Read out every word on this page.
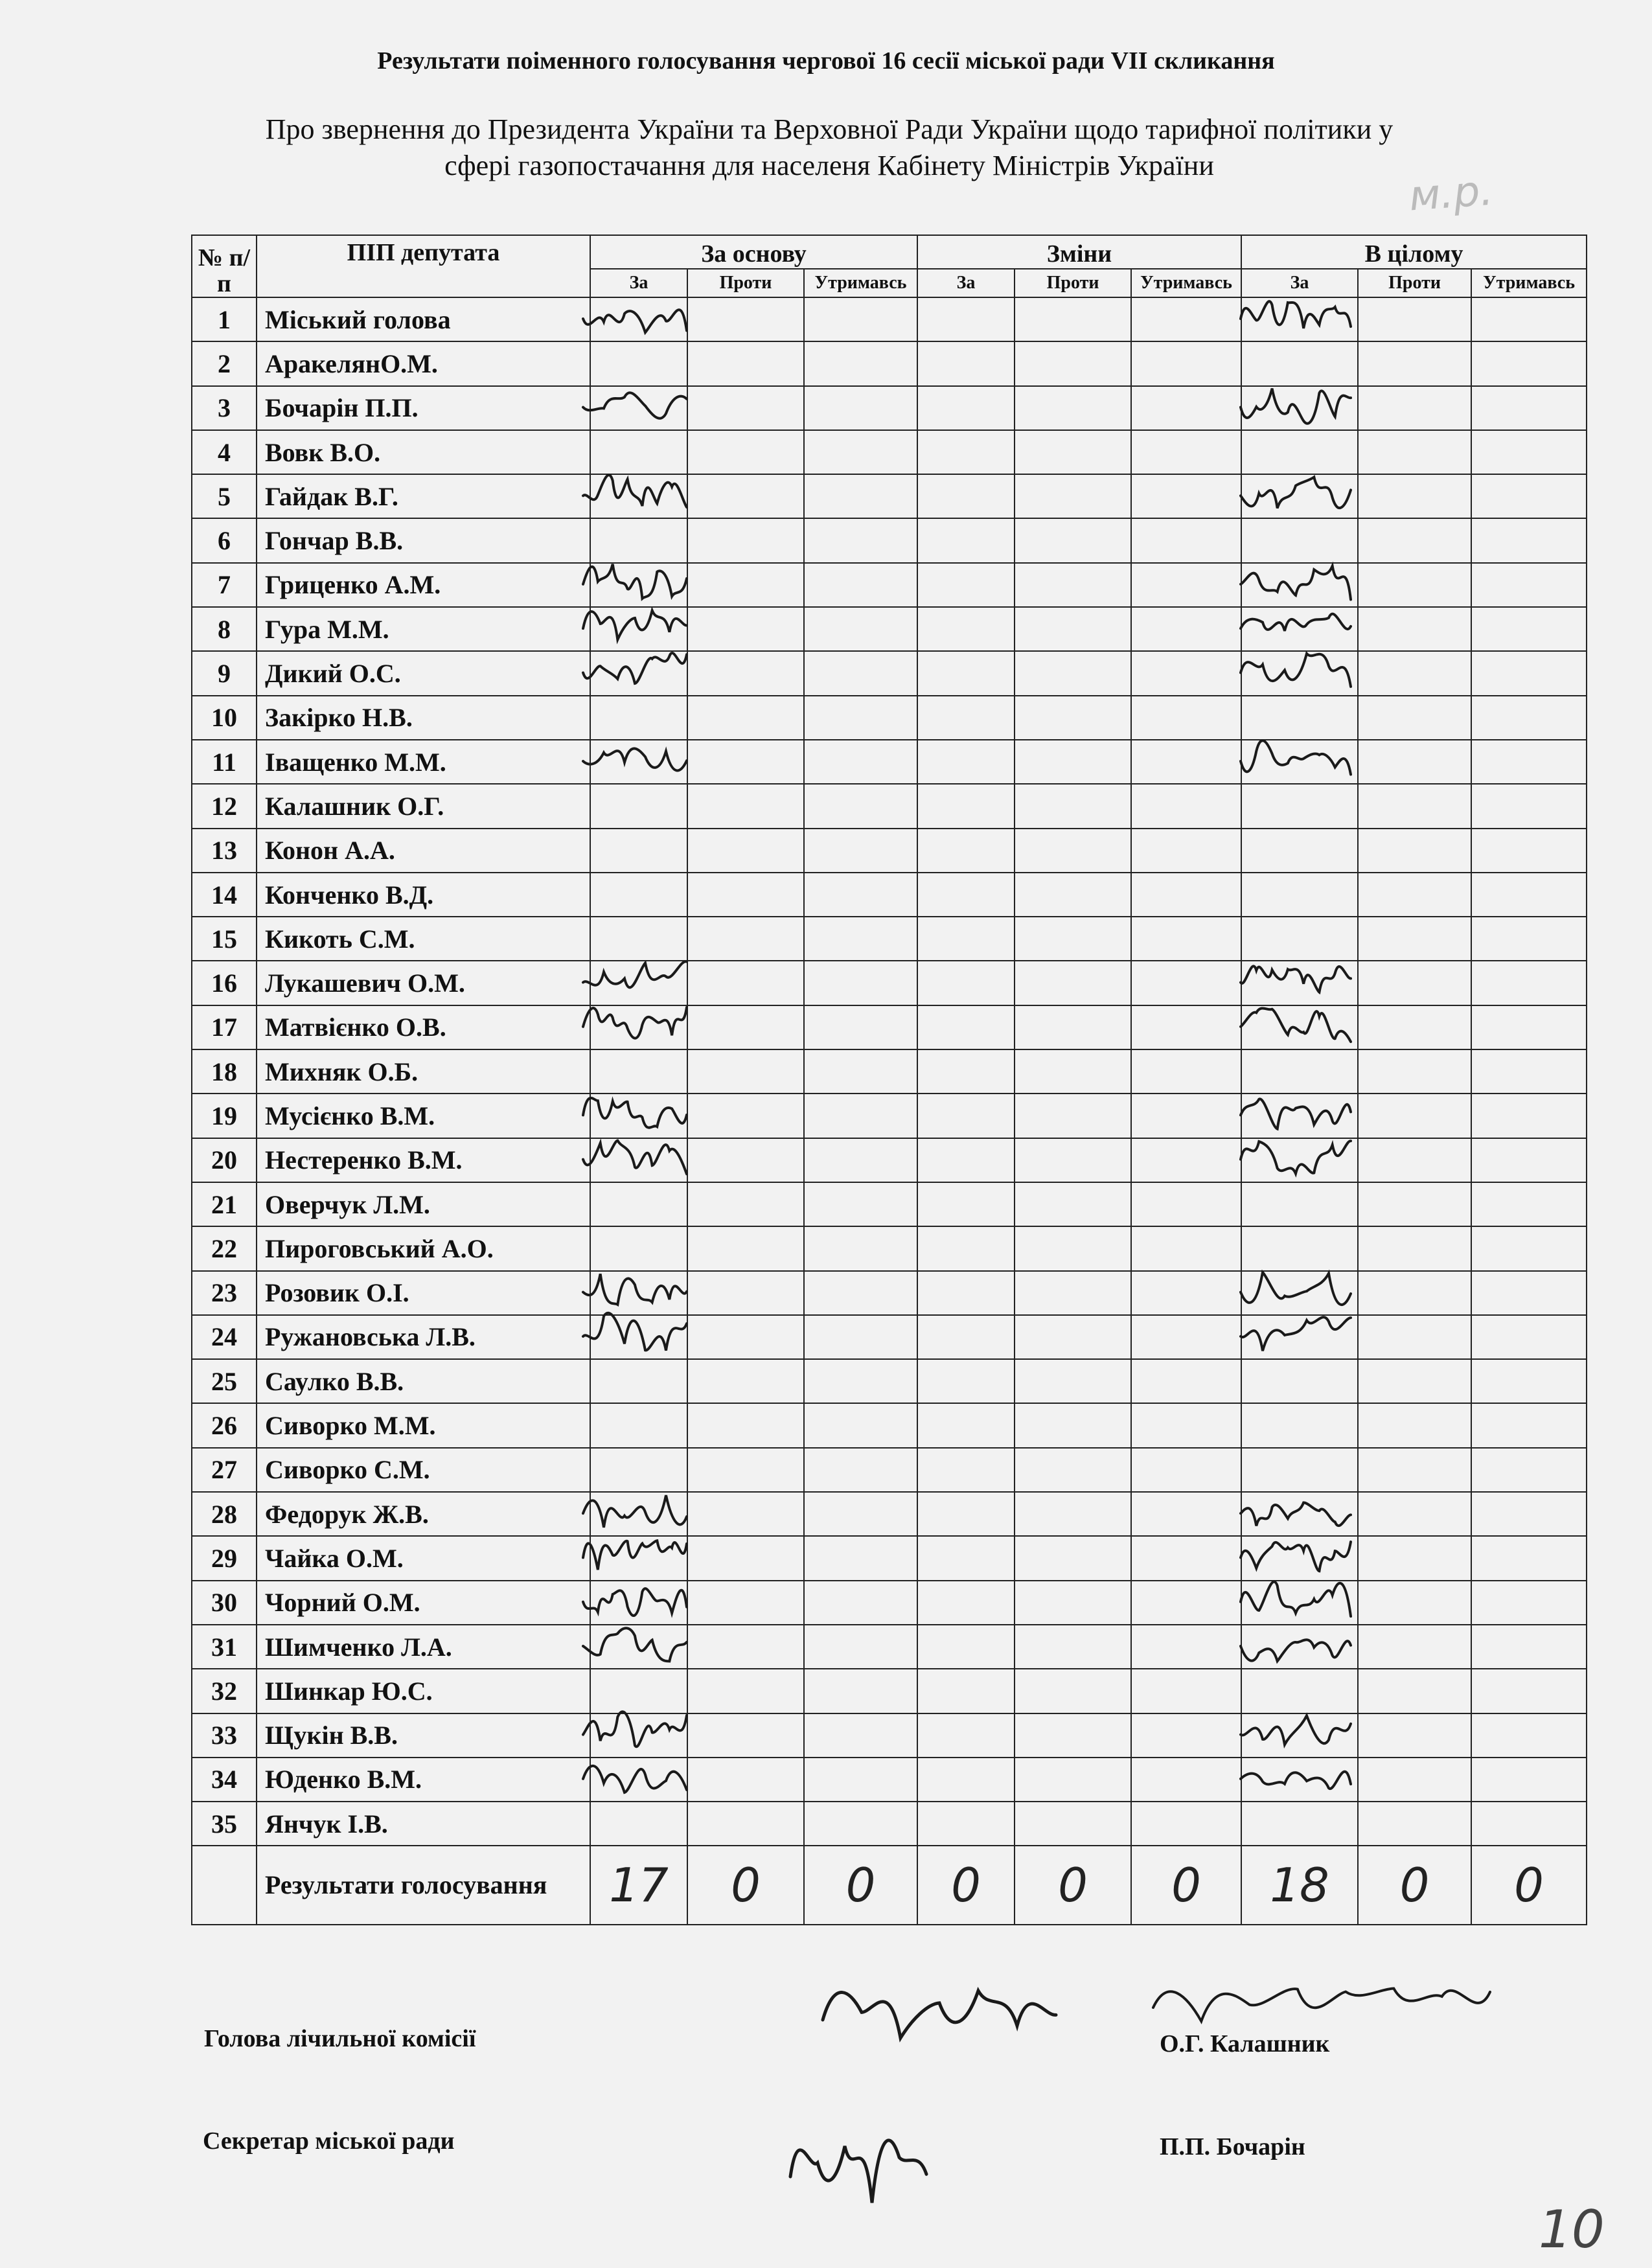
Результати поіменного голосування чергової 16 сесії міської ради VII скликання
Про звернення до Президента України та Верховної Ради України щодо тарифної політики у
сфері газопостачання для населеня Кабінету Міністрів України
м.р.
№ п/п	ПІП депутата	За основу			Зміни			В цілому		
		За	Проти	Утримавсь	За	Проти	Утримавсь	За	Проти	Утримавсь
1	Міський голова									
2	АракелянО.М.									
3	Бочарін П.П.									
4	Вовк В.О.									
5	Гайдак В.Г.									
6	Гончар В.В.									
7	Гриценко А.М.									
8	Гура М.М.									
9	Дикий О.С.									
10	Закірко Н.В.									
11	Іващенко М.М.									
12	Калашник О.Г.									
13	Конон А.А.									
14	Конченко В.Д.									
15	Кикоть С.М.									
16	Лукашевич О.М.									
17	Матвієнко О.В.									
18	Михняк О.Б.									
19	Мусієнко В.М.									
20	Нестеренко В.М.									
21	Оверчук Л.М.									
22	Пироговський А.О.									
23	Розовик О.І.									
24	Ружановська Л.В.									
25	Саулко В.В.									
26	Сиворко М.М.									
27	Сиворко С.М.									
28	Федорук Ж.В.									
29	Чайка О.М.									
30	Чорний О.М.									
31	Шимченко Л.А.									
32	Шинкар Ю.С.									
33	Щукін В.В.									
34	Юденко В.М.									
35	Янчук І.В.									
	Результати голосування	17	0	0	0	0	0	18	0	0
Голова лічильної комісії	О.Г. Калашник
Секретар міської ради	П.П. Бочарін
10
